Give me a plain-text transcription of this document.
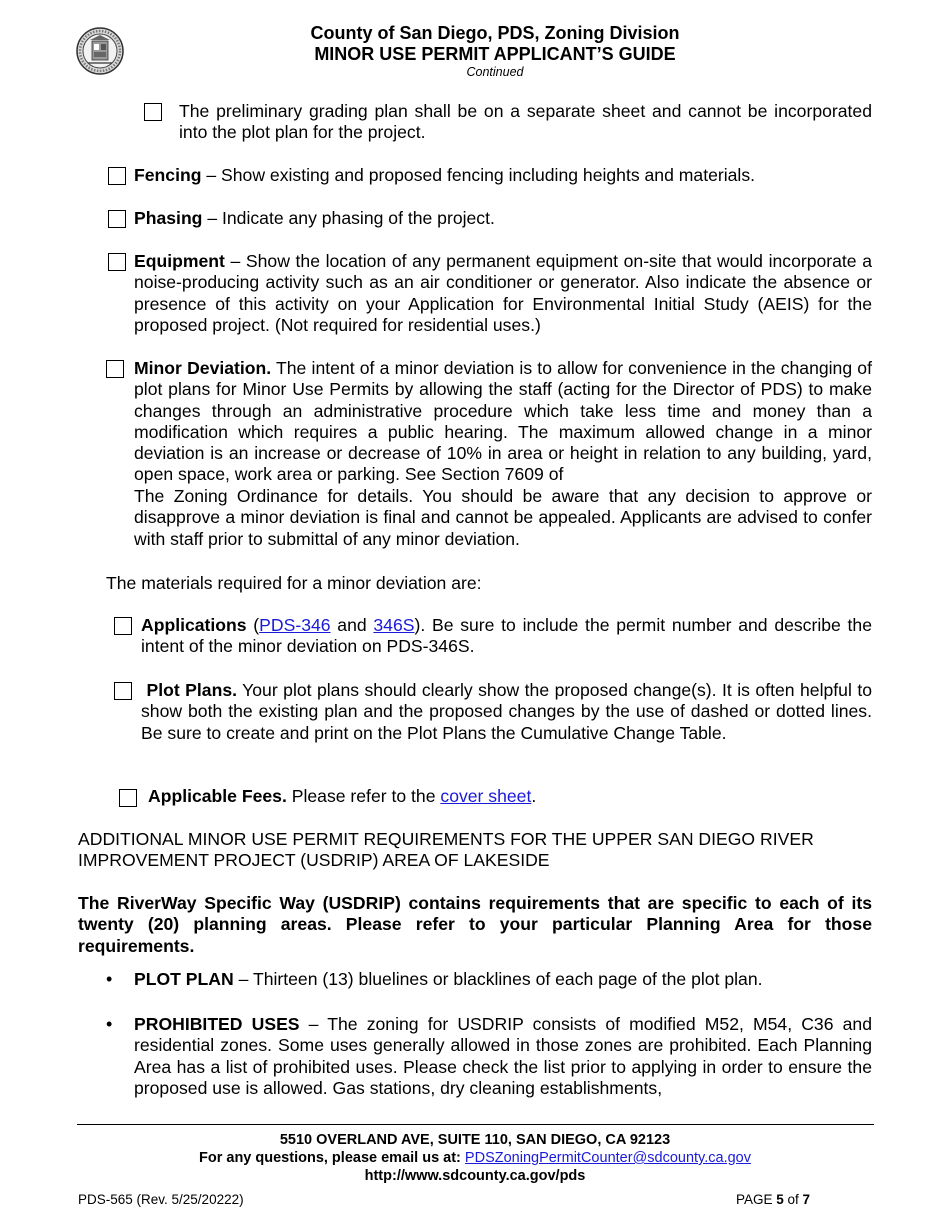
County of San Diego, PDS, Zoning Division
MINOR USE PERMIT APPLICANT’S GUIDE
Continued

The preliminary grading plan shall be on a separate sheet and cannot be incorporated into the plot plan for the project.

Fencing – Show existing and proposed fencing including heights and materials.

Phasing – Indicate any phasing of the project.

Equipment – Show the location of any permanent equipment on-site that would incorporate a noise-producing activity such as an air conditioner or generator. Also indicate the absence or presence of this activity on your Application for Environmental Initial Study (AEIS) for the proposed project. (Not required for residential uses.)

Minor Deviation. The intent of a minor deviation is to allow for convenience in the changing of plot plans for Minor Use Permits by allowing the staff (acting for the Director of PDS) to make changes through an administrative procedure which take less time and money than a modification which requires a public hearing. The maximum allowed change in a minor deviation is an increase or decrease of 10% in area or height in relation to any building, yard, open space, work area or parking. See Section 7609 of

The Zoning Ordinance for details. You should be aware that any decision to approve or disapprove a minor deviation is final and cannot be appealed. Applicants are advised to confer with staff prior to submittal of any minor deviation.

The materials required for a minor deviation are:

Applications (PDS-346 and 346S). Be sure to include the permit number and describe the intent of the minor deviation on PDS-346S.

Plot Plans. Your plot plans should clearly show the proposed change(s). It is often helpful to show both the existing plan and the proposed changes by the use of dashed or dotted lines. Be sure to create and print on the Plot Plans the Cumulative Change Table.

Applicable Fees. Please refer to the cover sheet.

ADDITIONAL MINOR USE PERMIT REQUIREMENTS FOR THE UPPER SAN DIEGO RIVER IMPROVEMENT PROJECT (USDRIP) AREA OF LAKESIDE

The RiverWay Specific Way (USDRIP) contains requirements that are specific to each of its twenty (20) planning areas. Please refer to your particular Planning Area for those requirements.

• PLOT PLAN – Thirteen (13) bluelines or blacklines of each page of the plot plan.

• PROHIBITED USES – The zoning for USDRIP consists of modified M52, M54, C36 and residential zones. Some uses generally allowed in those zones are prohibited. Each Planning Area has a list of prohibited uses. Please check the list prior to applying in order to ensure the proposed use is allowed. Gas stations, dry cleaning establishments,

5510 OVERLAND AVE, SUITE 110, SAN DIEGO, CA 92123
For any questions, please email us at: PDSZoningPermitCounter@sdcounty.ca.gov
http://www.sdcounty.ca.gov/pds
PDS-565 (Rev. 5/25/20222)	PAGE 5 of 7
